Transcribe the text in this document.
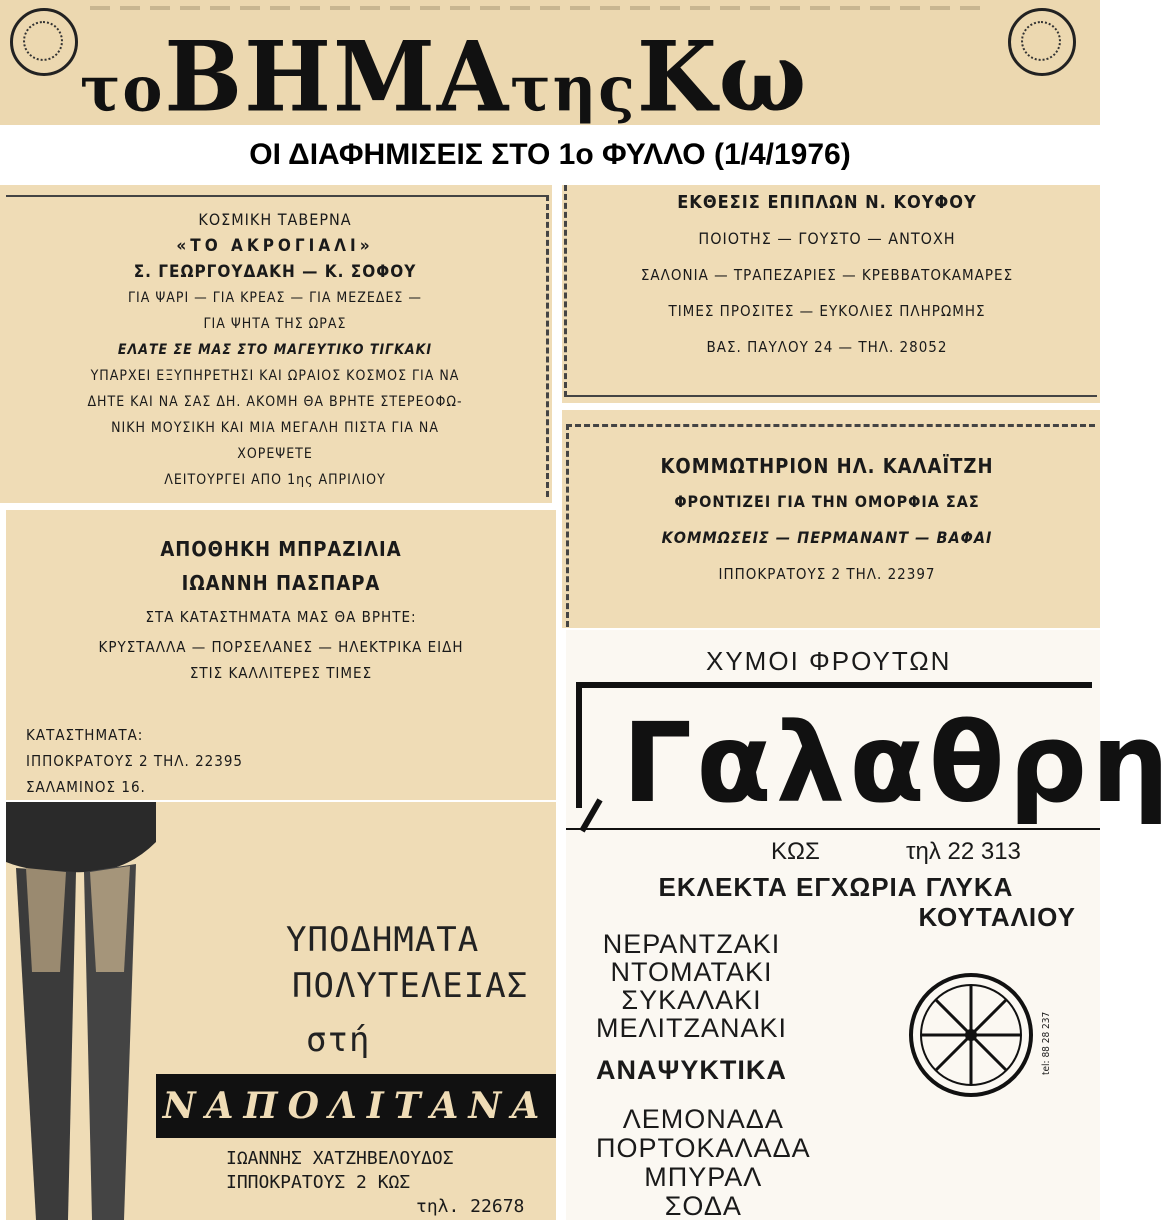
τοΒΗΜΑτηςΚω
ΟΙ ΔΙΑΦΗΜΙΣΕΙΣ ΣΤΟ 1ο ΦΥΛΛΟ (1/4/1976)
ΚΟΣΜΙΚΗ ΤΑΒΕΡΝΑ
«ΤΟ ΑΚΡΟΓΙΑΛΙ»
Σ. ΓΕΩΡΓΟΥΔΑΚΗ — Κ. ΣΟΦΟΥ
ΓΙΑ ΨΑΡΙ — ΓΙΑ ΚΡΕΑΣ — ΓΙΑ ΜΕΖΕΔΕΣ —
ΓΙΑ ΨΗΤΑ ΤΗΣ ΩΡΑΣ
ΕΛΑΤΕ ΣΕ ΜΑΣ ΣΤΟ ΜΑΓΕΥΤΙΚΟ ΤΙΓΚΑΚΙ
ΥΠΑΡΧΕΙ ΕΞΥΠΗΡΕΤΗΣΙ ΚΑΙ ΩΡΑΙΟΣ ΚΟΣΜΟΣ ΓΙΑ ΝΑ
ΔΗΤΕ ΚΑΙ ΝΑ ΣΑΣ ΔΗ. ΑΚΟΜΗ ΘΑ ΒΡΗΤΕ ΣΤΕΡΕΟΦΩ-
ΝΙΚΗ ΜΟΥΣΙΚΗ ΚΑΙ ΜΙΑ ΜΕΓΑΛΗ ΠΙΣΤΑ ΓΙΑ ΝΑ
ΧΟΡΕΨΕΤΕ
ΛΕΙΤΟΥΡΓΕΙ ΑΠΟ 1ης ΑΠΡΙΛΙΟΥ
ΕΚΘΕΣΙΣ ΕΠΙΠΛΩΝ Ν. ΚΟΥΦΟΥ
ΠΟΙΟΤΗΣ — ΓΟΥΣΤΟ — ΑΝΤΟΧΗ
ΣΑΛΟΝΙΑ — ΤΡΑΠΕΖΑΡΙΕΣ — ΚΡΕΒΒΑΤΟΚΑΜΑΡΕΣ
ΤΙΜΕΣ ΠΡΟΣΙΤΕΣ — ΕΥΚΟΛΙΕΣ ΠΛΗΡΩΜΗΣ
ΒΑΣ. ΠΑΥΛΟΥ 24 — ΤΗΛ. 28052
ΚΟΜΜΩΤΗΡΙΟΝ ΗΛ. ΚΑΛΑΪΤΖΗ
ΦΡΟΝΤΙΖΕΙ ΓΙΑ ΤΗΝ ΟΜΟΡΦΙΑ ΣΑΣ
ΚΟΜΜΩΣΕΙΣ — ΠΕΡΜΑΝΑΝΤ — ΒΑΦΑΙ
ΙΠΠΟΚΡΑΤΟΥΣ 2 ΤΗΛ. 22397
ΑΠΟΘΗΚΗ ΜΠΡΑΖΙΛΙΑ
ΙΩΑΝΝΗ ΠΑΣΠΑΡΑ
ΣΤΑ ΚΑΤΑΣΤΗΜΑΤΑ ΜΑΣ ΘΑ ΒΡΗΤΕ:
ΚΡΥΣΤΑΛΛΑ — ΠΟΡΣΕΛΑΝΕΣ — ΗΛΕΚΤΡΙΚΑ ΕΙΔΗ
ΣΤΙΣ ΚΑΛΛΙΤΕΡΕΣ ΤΙΜΕΣ
ΚΑΤΑΣΤΗΜΑΤΑ:
ΙΠΠΟΚΡΑΤΟΥΣ 2 ΤΗΛ. 22395
ΣΑΛΑΜΙΝΟΣ 16.
ΥΠΟΔΗΜΑΤΑ
ΠΟΛΥΤΕΛΕΙΑΣ
στή
ΝΑΠΟΛΙΤΑΝΑ
ΙΩΑΝΝΗΣ ΧΑΤΖΗΒΕΛΟΥΔΟΣ
ΙΠΠΟΚΡΑΤΟΥΣ 2 ΚΩΣ
τηλ. 22678
ΧΥΜΟΙ ΦΡΟΥΤΩΝ
Γαλαθρη
ΚΩΣ	τηλ 22 313
ΕΚΛΕΚΤΑ ΕΓΧΩΡΙΑ ΓΛΥΚΑ
ΚΟΥΤΑΛΙΟΥ
ΝΕΡΑΝΤΖΑΚΙ
ΝΤΟΜΑΤΑΚΙ
ΣΥΚΑΛΑΚΙ
ΜΕΛΙΤΖΑΝΑΚΙ	tel: 88 28 237
ΑΝΑΨΥΚΤΙΚΑ
ΛΕΜΟΝΑΔΑ
ΠΟΡΤΟΚΑΛΑΔΑ
ΜΠΥΡΑΛ
ΣΟΔΑ
